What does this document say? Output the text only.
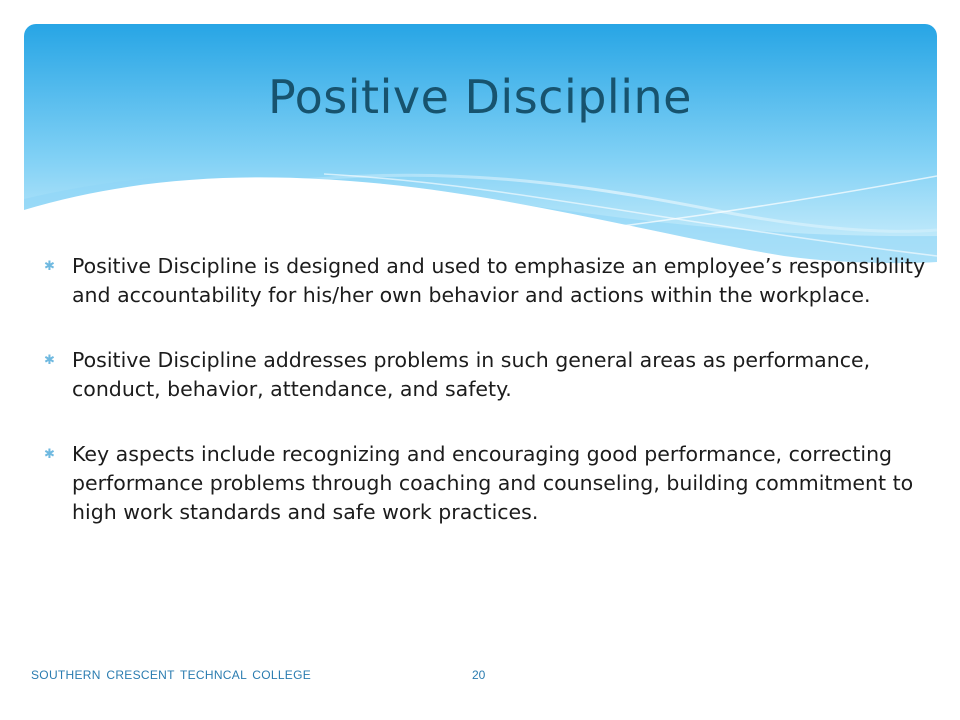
Positive Discipline
✱ Positive Discipline is designed and used to emphasize an employee’s responsibility and accountability for his/her own behavior and actions within the workplace.
✱ Positive Discipline addresses problems in such general areas as performance, conduct, behavior, attendance, and safety.
✱ Key aspects include recognizing and encouraging good performance, correcting performance problems through coaching and counseling, building commitment to high work standards and safe work practices.
SOUTHERN CRESCENT TECHNCAL COLLEGE	20
